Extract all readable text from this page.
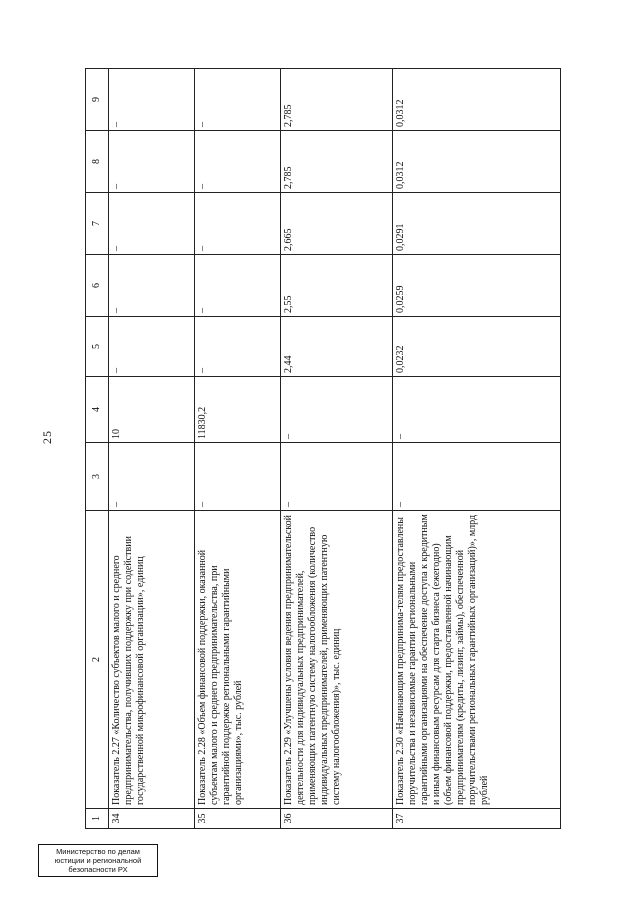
25
1	2	3	4	5	6	7	8	9
34	Показатель 2.27 «Количество субъектов малого и среднего предпринимательства, получивших поддержку при содействии государственной микрофинансовой организации», единиц	–	10	–	–	–	–	–
35	Показатель 2.28 «Объем финансовой поддержки, оказанной субъектам малого и среднего предпринимательства, при гарантийной поддержке региональными гарантийными организациями», тыс. рублей	–	11830,2	–	–	–	–	–
36	Показатель 2.29 «Улучшены условия ведения предпринимательской деятельности для индивидуальных предпринимателей, применяющих патентную систему налогообложения (количество индивидуальных предпринимателей, применяющих патентную систему налогообложения)», тыс. единиц	–	–	2,44	2,55	2,665	2,785	2,785
37	Показатель 2.30 «Начинающим предпринима-телям предоставлены поручительства и независимые гарантии региональными гарантийными организациями на обеспечение доступа к кредитным и иным финансовым ресурсам для старта бизнеса (ежегодно) (объем финансовой поддержки, предоставленной начинающим предпринимателям (кредиты, лизинг, займы), обеспеченной поручительствами региональных гарантийных организаций)», млрд рублей	–	–	0,0232	0,0259	0,0291	0,0312	0,0312
Министерство по делам
юстиции и региональной
безопасности РХ
